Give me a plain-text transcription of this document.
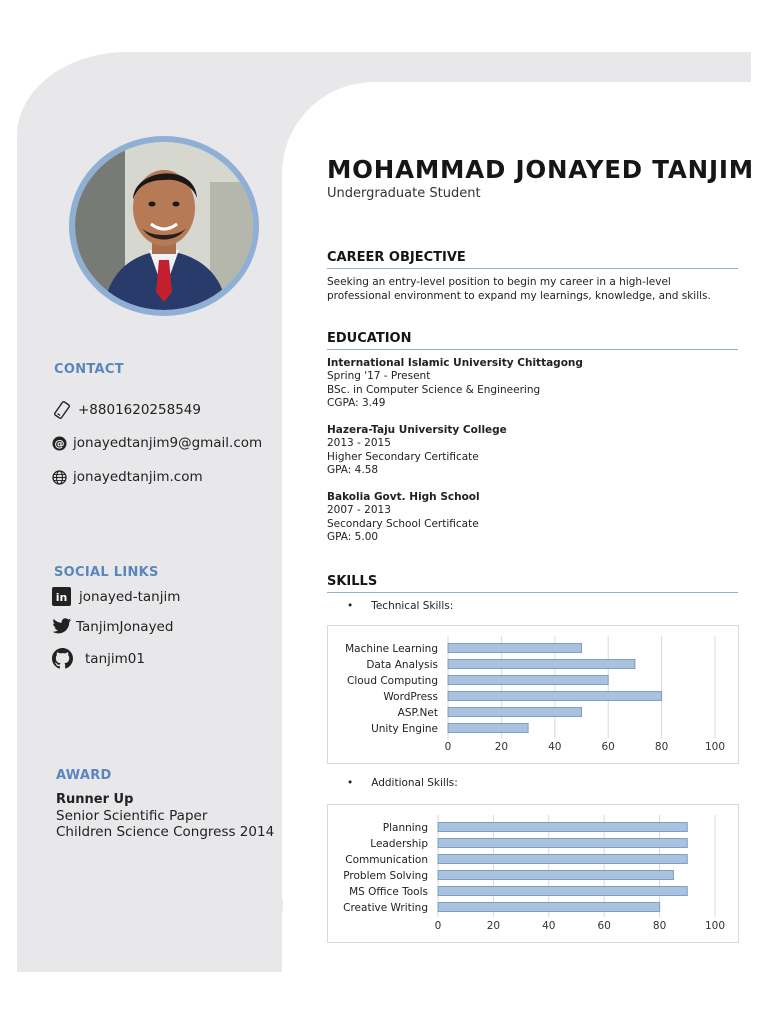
CONTACT
+8801620258549
@ jonayedtanjim9@gmail.com
jonayedtanjim.com
SOCIAL LINKS
in jonayed-tanjim
TanjimJonayed
tanjim01
AWARD
Runner Up
Senior Scientific Paper
Children Science Congress 2014
MOHAMMAD JONAYED TANJIM
Undergraduate Student
CAREER OBJECTIVE
Seeking an entry-level position to begin my career in a high-level
professional environment to expand my learnings, knowledge, and skills.
EDUCATION
International Islamic University Chittagong
Spring '17 - Present
BSc. in Computer Science & Engineering
CGPA: 3.49
Hazera-Taju University College
2013 - 2015
Higher Secondary Certificate
GPA: 4.58
Bakolia Govt. High School
2007 - 2013
Secondary School Certificate
GPA: 5.00
SKILLS
• Technical Skills:
0	20	40	60	80	100
Machine Learning
Data Analysis
Cloud Computing
WordPress
ASP.Net
Unity Engine
• Additional Skills:
0	20	40	60	80	100
Planning
Leadership
Communication
Problem Solving
MS Office Tools
Creative Writing
